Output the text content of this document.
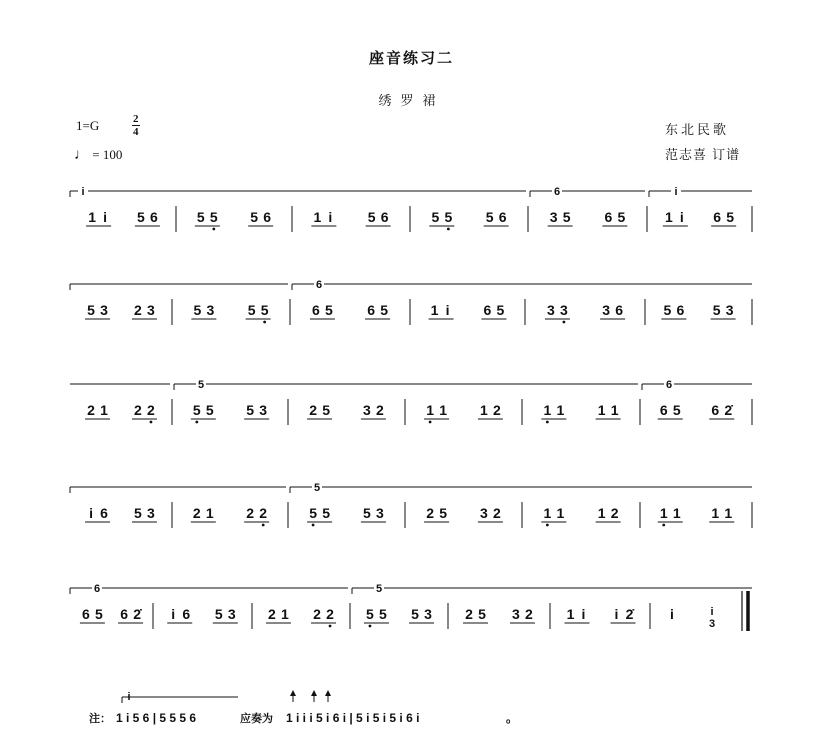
座音练习二
绣罗裙
1=G	2
4
♩ = 100
东北民歌
范志喜 订谱
1 i 5 6	5 5 5 6	1 i	5 6	5 5 5 6	3 5 6 5	1 i 6 5
i	6	i
5 3 2 3	5 3 5 5	6 5 6 5	1 i 6 5	3 3 3 6	5 6 5 3
6
2 1 2 2	5 5 5 3	2 5 3 2	1 1 1 2	1 1 1 1	6 5 6 2̇
5	6
i 6 5 3	2 1 2 2	5 5 5 3	2 5 3 2	1 1 1 2	1 1 1 1
5
6 5 6 2̇ i 6 5 3 2 1 2 2 5 5 5 3 2 5 3 2 1 i i 2̇	i	i
3
6	5
i
注： 1 i 5 6 | 5 5 5 6	应奏为 1 i i i 5 i 6 i | 5 i 5 i 5 i 6 i	。
